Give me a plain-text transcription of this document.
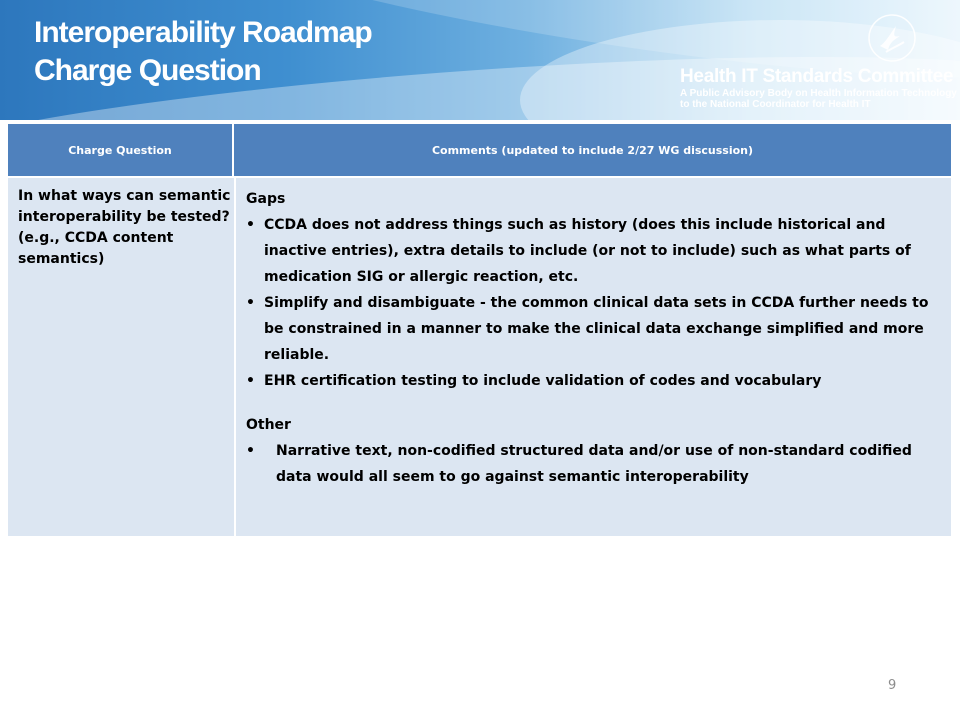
Interoperability Roadmap
Charge Question	Health IT Standards Committee
A Public Advisory Body on Health Information Technology
to the National Coordinator for Health IT
Charge Question	Comments (updated to include 2/27 WG discussion)
In what ways can semantic interoperability be tested? (e.g., CCDA content semantics)
Gaps
• CCDA does not address things such as history (does this include historical and inactive entries), extra details to include (or not to include) such as what parts of medication SIG or allergic reaction, etc.
• Simplify and disambiguate - the common clinical data sets in CCDA further needs to be constrained in a manner to make the clinical data exchange simplified and more reliable.
• EHR certification testing to include validation of codes and vocabulary
Other
• Narrative text, non-codified structured data and/or use of non-standard codified data would all seem to go against semantic interoperability
9
